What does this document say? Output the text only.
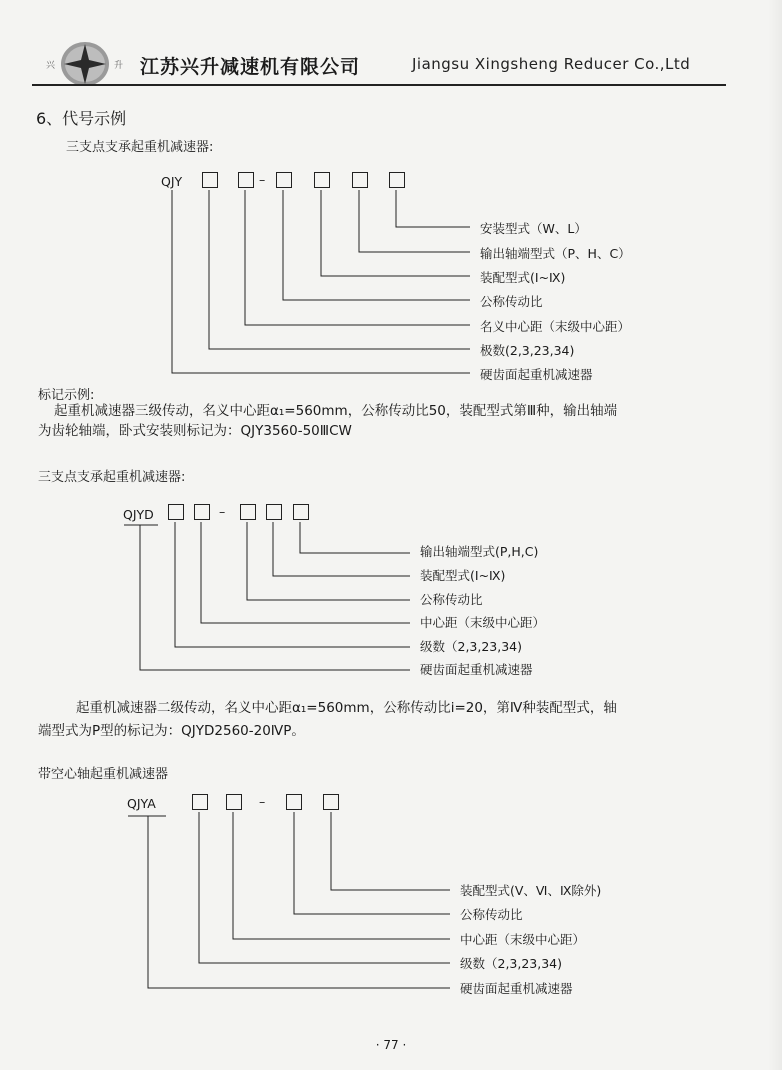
兴	升 江苏兴升减速机有限公司	Jiangsu Xingsheng Reducer Co.,Ltd
6、代号示例
三支点支承起重机减速器:
QJY	–
安装型式（W、L）
输出轴端型式（P、H、C）
装配型式(Ⅰ~Ⅸ)
公称传动比
名义中心距（末级中心距）
极数(2,3,23,34)
硬齿面起重机减速器
标记示例:
起重机减速器三级传动，名义中心距α₁=560mm，公称传动比50，装配型式第Ⅲ种，输出轴端
为齿轮轴端，卧式安装则标记为：QJY3560-50ⅢCW
三支点支承起重机减速器:
QJYD	–
输出轴端型式(P,H,C)
装配型式(Ⅰ~Ⅸ)
公称传动比
中心距（末级中心距）
级数（2,3,23,34)
硬齿面起重机减速器
起重机减速器二级传动，名义中心距α₁=560mm，公称传动比i=20，第Ⅳ种装配型式，轴
端型式为P型的标记为：QJYD2560-20ⅣP。
带空心轴起重机减速器
QJYA	–
装配型式(Ⅴ、Ⅵ、Ⅸ除外)
公称传动比
中心距（末级中心距）
级数（2,3,23,34)
硬齿面起重机减速器
· 77 ·
